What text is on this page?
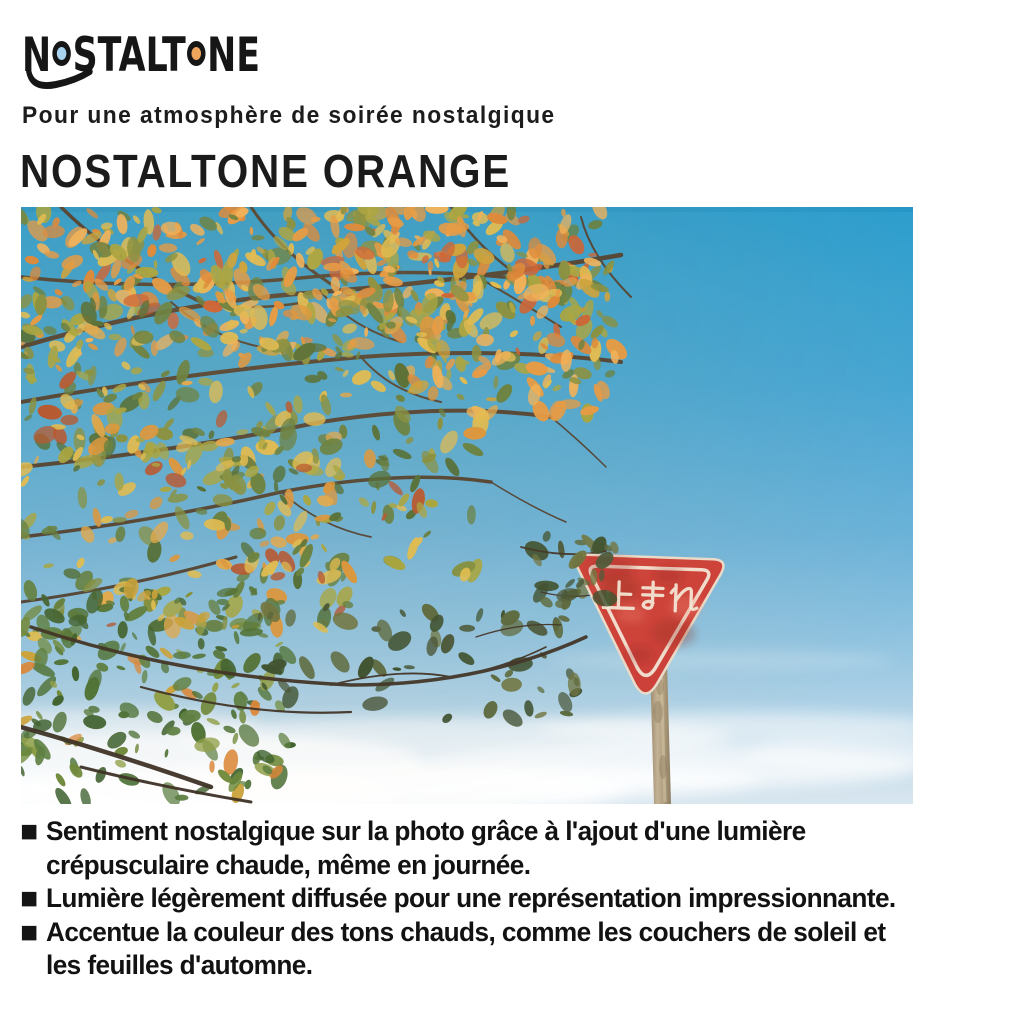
N STALT NE
Pour une atmosphère de soirée nostalgique
NOSTALTONE ORANGE
■ Sentiment nostalgique sur la photo grâce à l'ajout d'une lumière
crépusculaire chaude, même en journée.
■ Lumière légèrement diffusée pour une représentation impressionnante.
■ Accentue la couleur des tons chauds, comme les couchers de soleil et
les feuilles d'automne.
